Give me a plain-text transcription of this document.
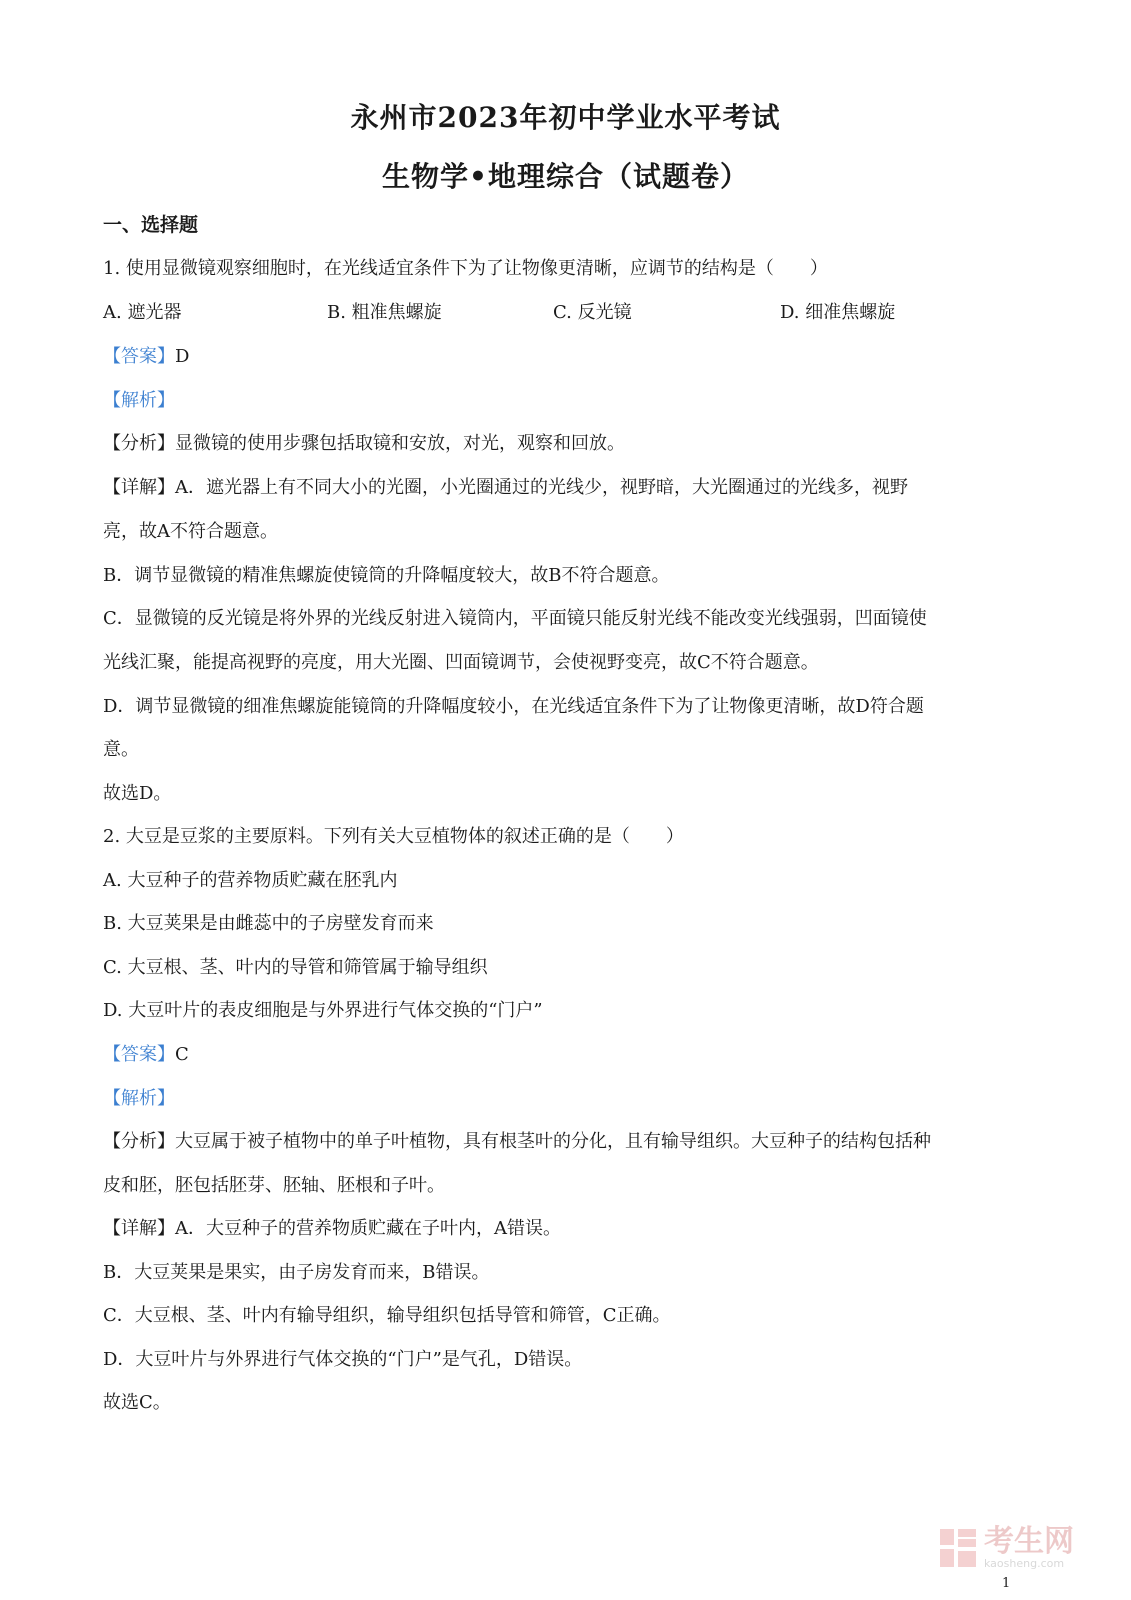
永州市2023年初中学业水平考试
生物学•地理综合（试题卷）
一、选择题
1. 使用显微镜观察细胞时，在光线适宜条件下为了让物像更清晰，应调节的结构是（　　）
A. 遮光器	B. 粗准焦螺旋	C. 反光镜	D. 细准焦螺旋
【答案】D
【解析】
【分析】显微镜的使用步骤包括取镜和安放，对光，观察和回放。
【详解】A．遮光器上有不同大小的光圈，小光圈通过的光线少，视野暗，大光圈通过的光线多，视野
亮，故A不符合题意。
B．调节显微镜的精准焦螺旋使镜筒的升降幅度较大，故B不符合题意。
C．显微镜的反光镜是将外界的光线反射进入镜筒内，平面镜只能反射光线不能改变光线强弱，凹面镜使
光线汇聚，能提高视野的亮度，用大光圈、凹面镜调节，会使视野变亮，故C不符合题意。
D．调节显微镜的细准焦螺旋能镜筒的升降幅度较小，在光线适宜条件下为了让物像更清晰，故D符合题
意。
故选D。
2. 大豆是豆浆的主要原料。下列有关大豆植物体的叙述正确的是（　　）
A. 大豆种子的营养物质贮藏在胚乳内
B. 大豆荚果是由雌蕊中的子房壁发育而来
C. 大豆根、茎、叶内的导管和筛管属于输导组织
D. 大豆叶片的表皮细胞是与外界进行气体交换的“门户”
【答案】C
【解析】
【分析】大豆属于被子植物中的单子叶植物，具有根茎叶的分化，且有输导组织。大豆种子的结构包括种
皮和胚，胚包括胚芽、胚轴、胚根和子叶。
【详解】A．大豆种子的营养物质贮藏在子叶内，A错误。
B．大豆荚果是果实，由子房发育而来，B错误。
C．大豆根、茎、叶内有输导组织，输导组织包括导管和筛管，C正确。
D．大豆叶片与外界进行气体交换的“门户”是气孔，D错误。
故选C。
考生网
kaosheng.com
1
